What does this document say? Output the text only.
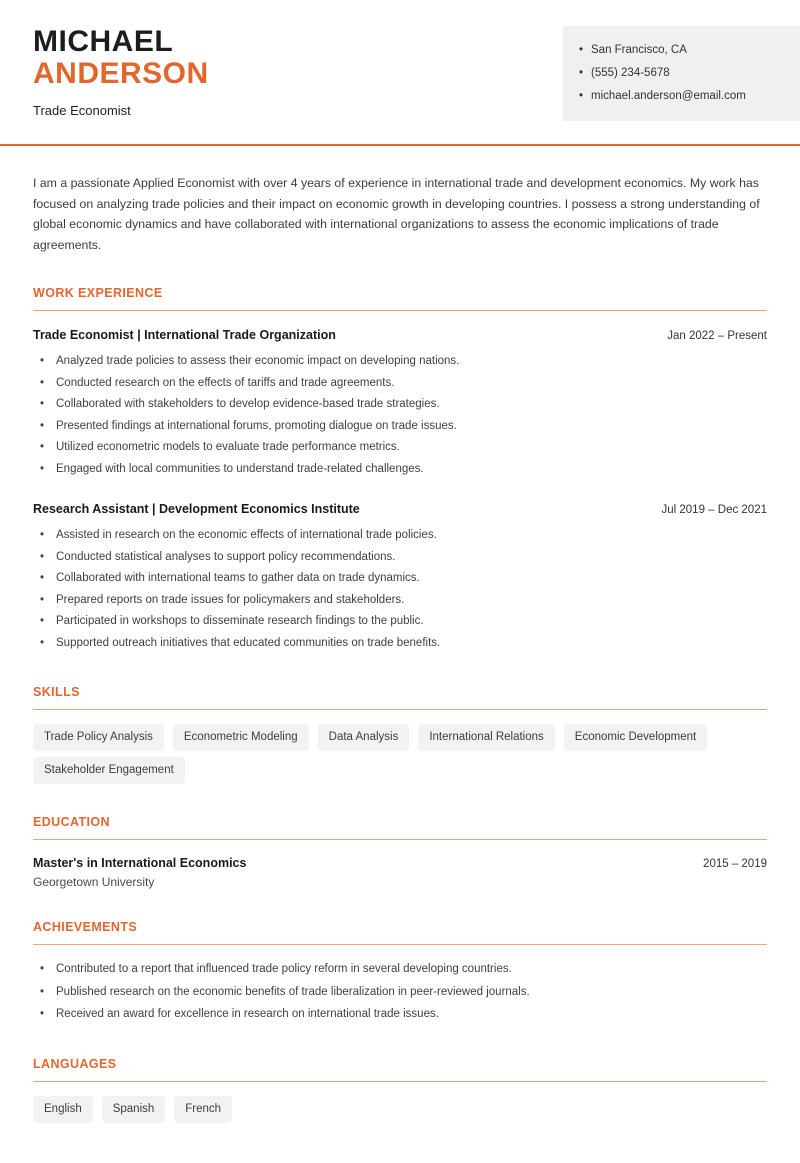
MICHAEL
ANDERSON
Trade Economist
• San Francisco, CA
• (555) 234-5678
• michael.anderson@email.com

I am a passionate Applied Economist with over 4 years of experience in international trade and development economics. My work has focused on analyzing trade policies and their impact on economic growth in developing countries. I possess a strong understanding of global economic dynamics and have collaborated with international organizations to assess the economic implications of trade agreements.

WORK EXPERIENCE
Trade Economist | International Trade Organization	Jan 2022 – Present
• Analyzed trade policies to assess their economic impact on developing nations.
• Conducted research on the effects of tariffs and trade agreements.
• Collaborated with stakeholders to develop evidence-based trade strategies.
• Presented findings at international forums, promoting dialogue on trade issues.
• Utilized econometric models to evaluate trade performance metrics.
• Engaged with local communities to understand trade-related challenges.
Research Assistant | Development Economics Institute	Jul 2019 – Dec 2021
• Assisted in research on the economic effects of international trade policies.
• Conducted statistical analyses to support policy recommendations.
• Collaborated with international teams to gather data on trade dynamics.
• Prepared reports on trade issues for policymakers and stakeholders.
• Participated in workshops to disseminate research findings to the public.
• Supported outreach initiatives that educated communities on trade benefits.
SKILLS
Trade Policy Analysis	Econometric Modeling	Data Analysis	International Relations	Economic Development
Stakeholder Engagement
EDUCATION
Master's in International Economics	2015 – 2019
Georgetown University
ACHIEVEMENTS
• Contributed to a report that influenced trade policy reform in several developing countries.
• Published research on the economic benefits of trade liberalization in peer-reviewed journals.
• Received an award for excellence in research on international trade issues.
LANGUAGES
English	Spanish	French
